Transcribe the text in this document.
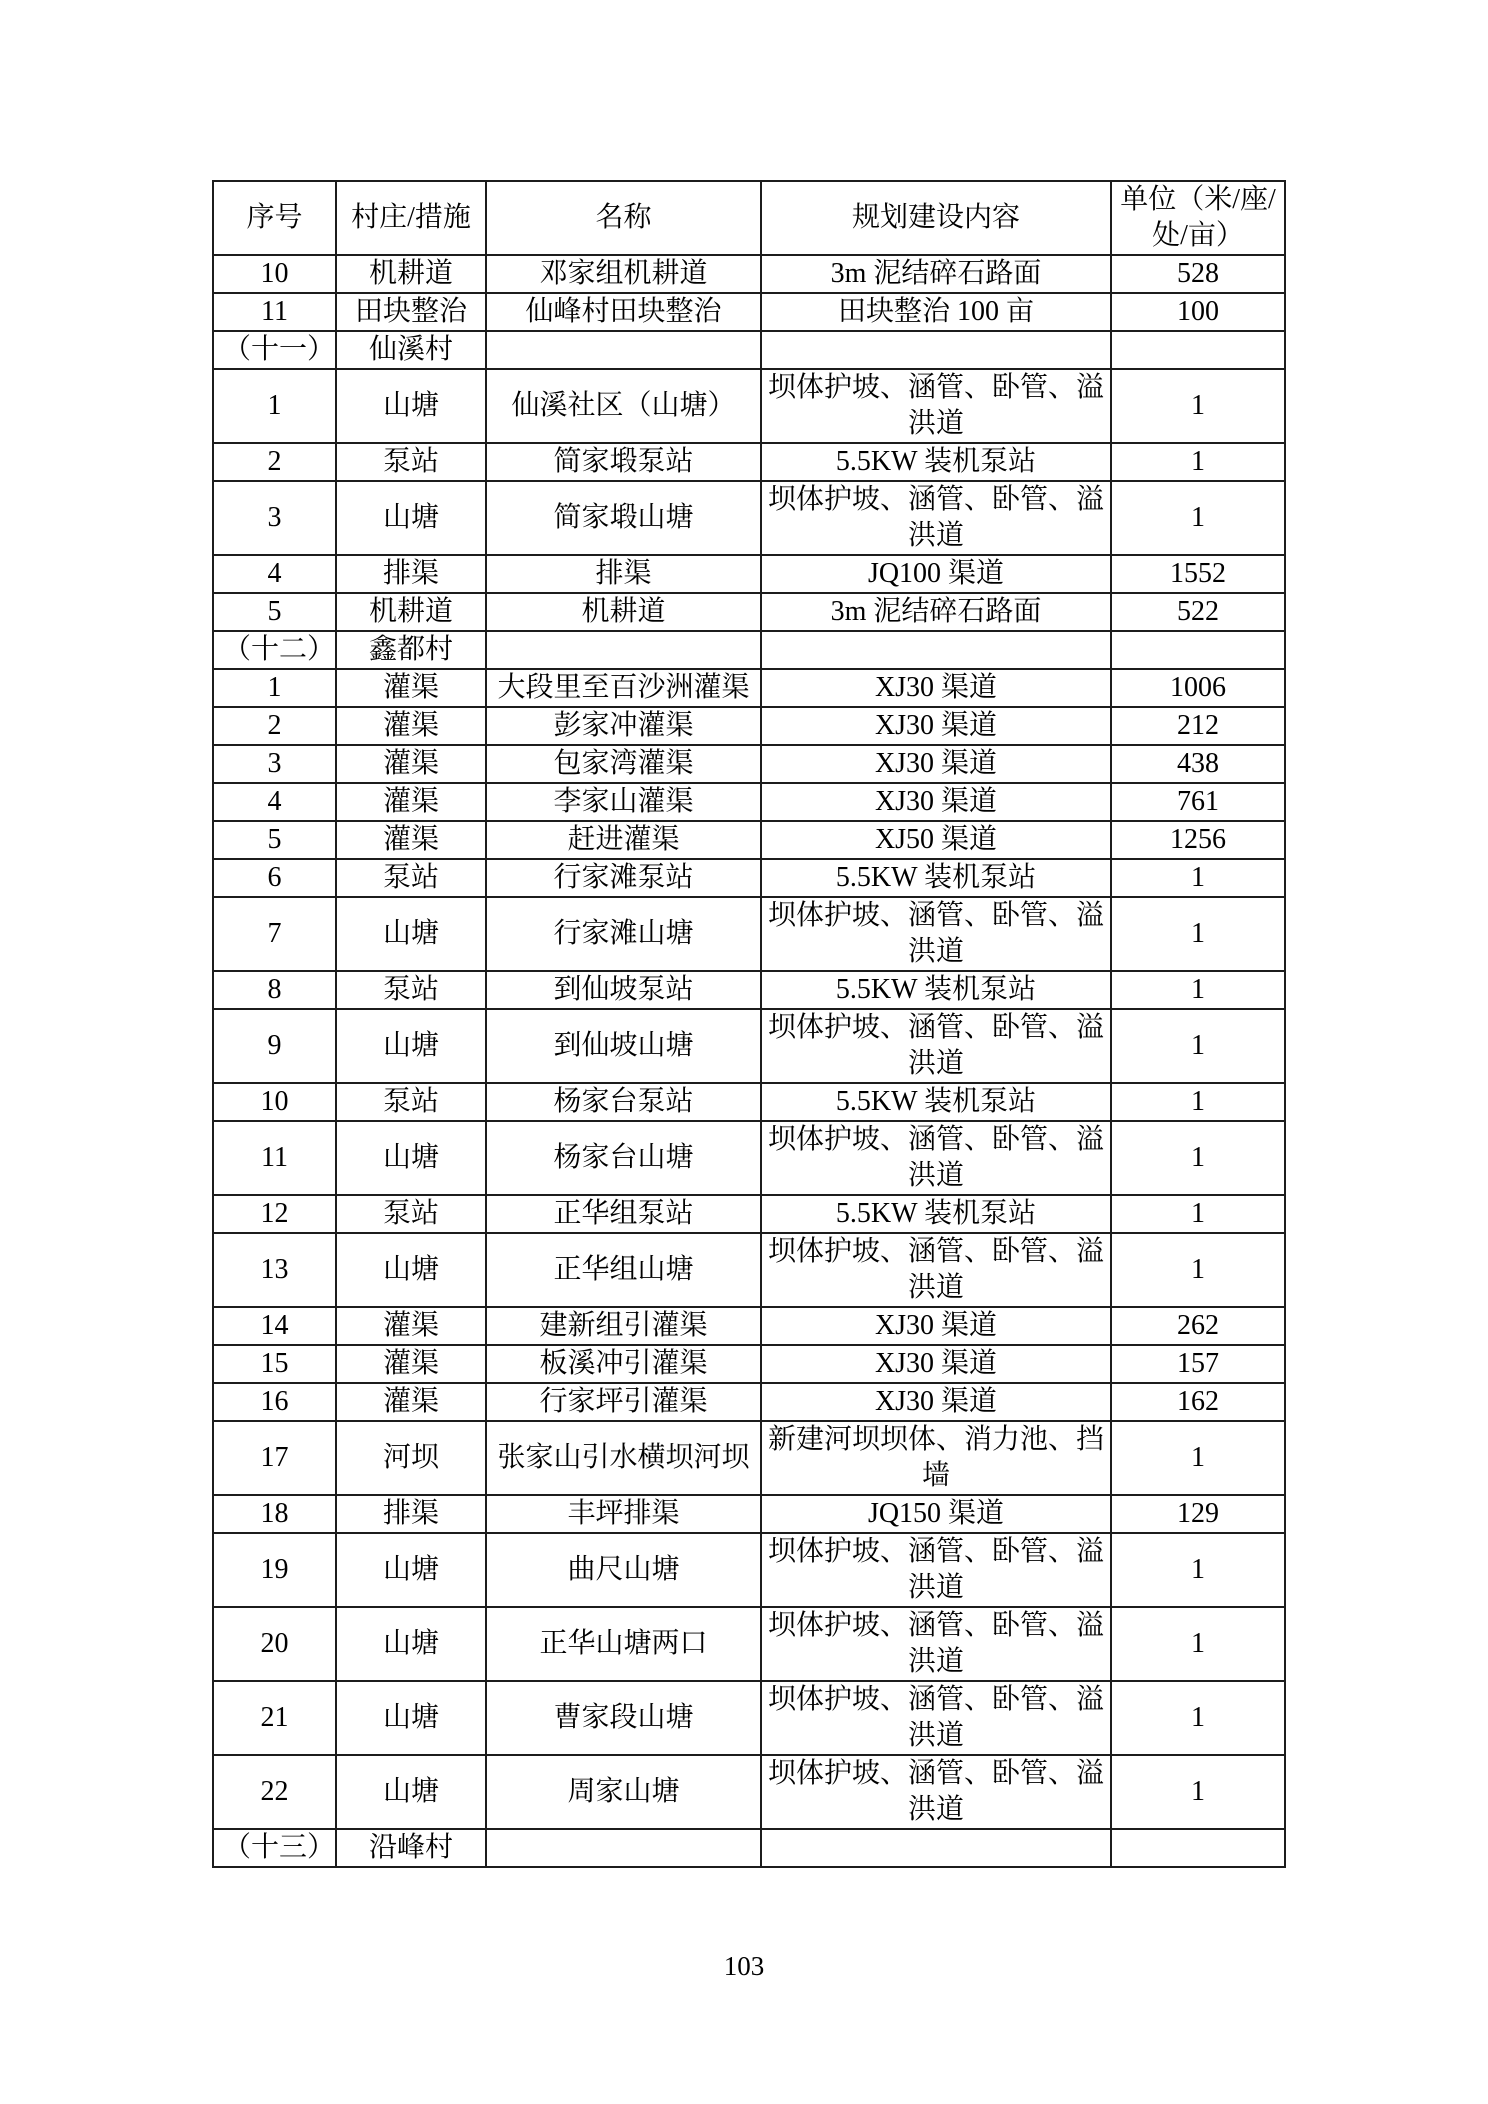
序号	村庄/措施	名称	规划建设内容	单位（米/座/处/亩）
10	机耕道	邓家组机耕道	3m 泥结碎石路面	528
11	田块整治	仙峰村田块整治	田块整治 100 亩	100
（十一）	仙溪村			
1	山塘	仙溪社区（山塘）	坝体护坡、涵管、卧管、溢洪道	1
2	泵站	简家塅泵站	5.5KW 装机泵站	1
3	山塘	简家塅山塘	坝体护坡、涵管、卧管、溢洪道	1
4	排渠	排渠	JQ100 渠道	1552
5	机耕道	机耕道	3m 泥结碎石路面	522
（十二）	鑫都村			
1	灌渠	大段里至百沙洲灌渠	XJ30 渠道	1006
2	灌渠	彭家冲灌渠	XJ30 渠道	212
3	灌渠	包家湾灌渠	XJ30 渠道	438
4	灌渠	李家山灌渠	XJ30 渠道	761
5	灌渠	赶进灌渠	XJ50 渠道	1256
6	泵站	行家滩泵站	5.5KW 装机泵站	1
7	山塘	行家滩山塘	坝体护坡、涵管、卧管、溢洪道	1
8	泵站	到仙坡泵站	5.5KW 装机泵站	1
9	山塘	到仙坡山塘	坝体护坡、涵管、卧管、溢洪道	1
10	泵站	杨家台泵站	5.5KW 装机泵站	1
11	山塘	杨家台山塘	坝体护坡、涵管、卧管、溢洪道	1
12	泵站	正华组泵站	5.5KW 装机泵站	1
13	山塘	正华组山塘	坝体护坡、涵管、卧管、溢洪道	1
14	灌渠	建新组引灌渠	XJ30 渠道	262
15	灌渠	板溪冲引灌渠	XJ30 渠道	157
16	灌渠	行家坪引灌渠	XJ30 渠道	162
17	河坝	张家山引水横坝河坝	新建河坝坝体、消力池、挡墙	1
18	排渠	丰坪排渠	JQ150 渠道	129
19	山塘	曲尺山塘	坝体护坡、涵管、卧管、溢洪道	1
20	山塘	正华山塘两口	坝体护坡、涵管、卧管、溢洪道	1
21	山塘	曹家段山塘	坝体护坡、涵管、卧管、溢洪道	1
22	山塘	周家山塘	坝体护坡、涵管、卧管、溢洪道	1
（十三）	沿峰村			
103
